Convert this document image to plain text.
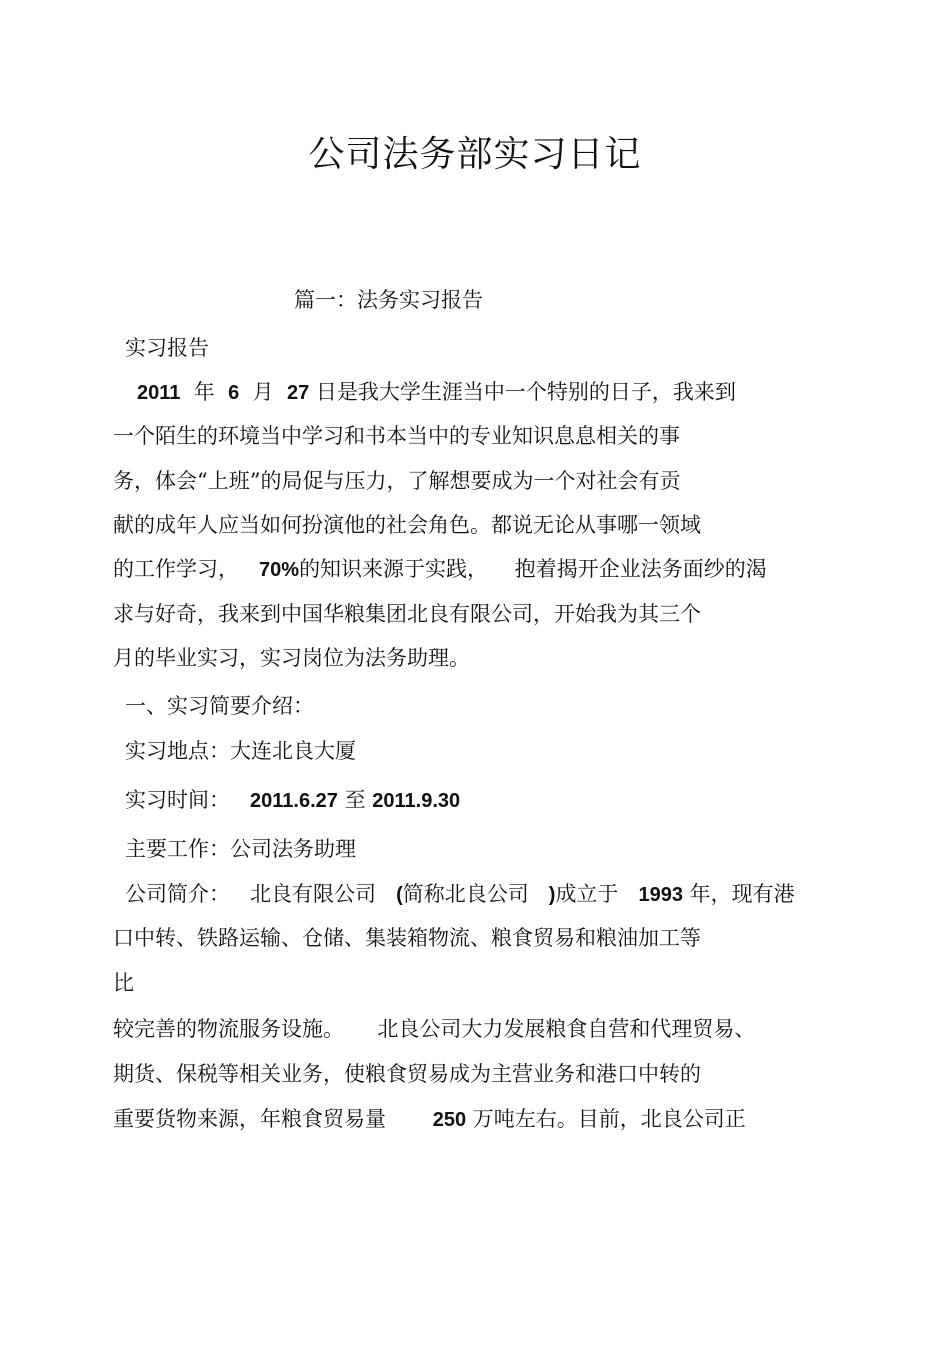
公司法务部实习日记
篇一：法务实习报告
实习报告
2011 年 6 月 27 日是我大学生涯当中一个特别的日子，我来到
一个陌生的环境当中学习和书本当中的专业知识息息相关的事
务，体会“上班”的局促与压力，了解想要成为一个对社会有贡
献的成年人应当如何扮演他的社会角色。都说无论从事哪一领域
的工作学习， 70%的知识来源于实践， 抱着揭开企业法务面纱的渴
求与好奇，我来到中国华粮集团北良有限公司，开始我为其三个
月的毕业实习，实习岗位为法务助理。
一、实习简要介绍：
实习地点：大连北良大厦
实习时间： 2011.6.27 至 2011.9.30
主要工作：公司法务助理
公司简介： 北良有限公司 (简称北良公司 )成立于 1993 年，现有港
口中转、铁路运输、仓储、集装箱物流、粮食贸易和粮油加工等
比
较完善的物流服务设施。 北良公司大力发展粮食自营和代理贸易、
期货、保税等相关业务，使粮食贸易成为主营业务和港口中转的
重要货物来源，年粮食贸易量 250 万吨左右。目前，北良公司正
